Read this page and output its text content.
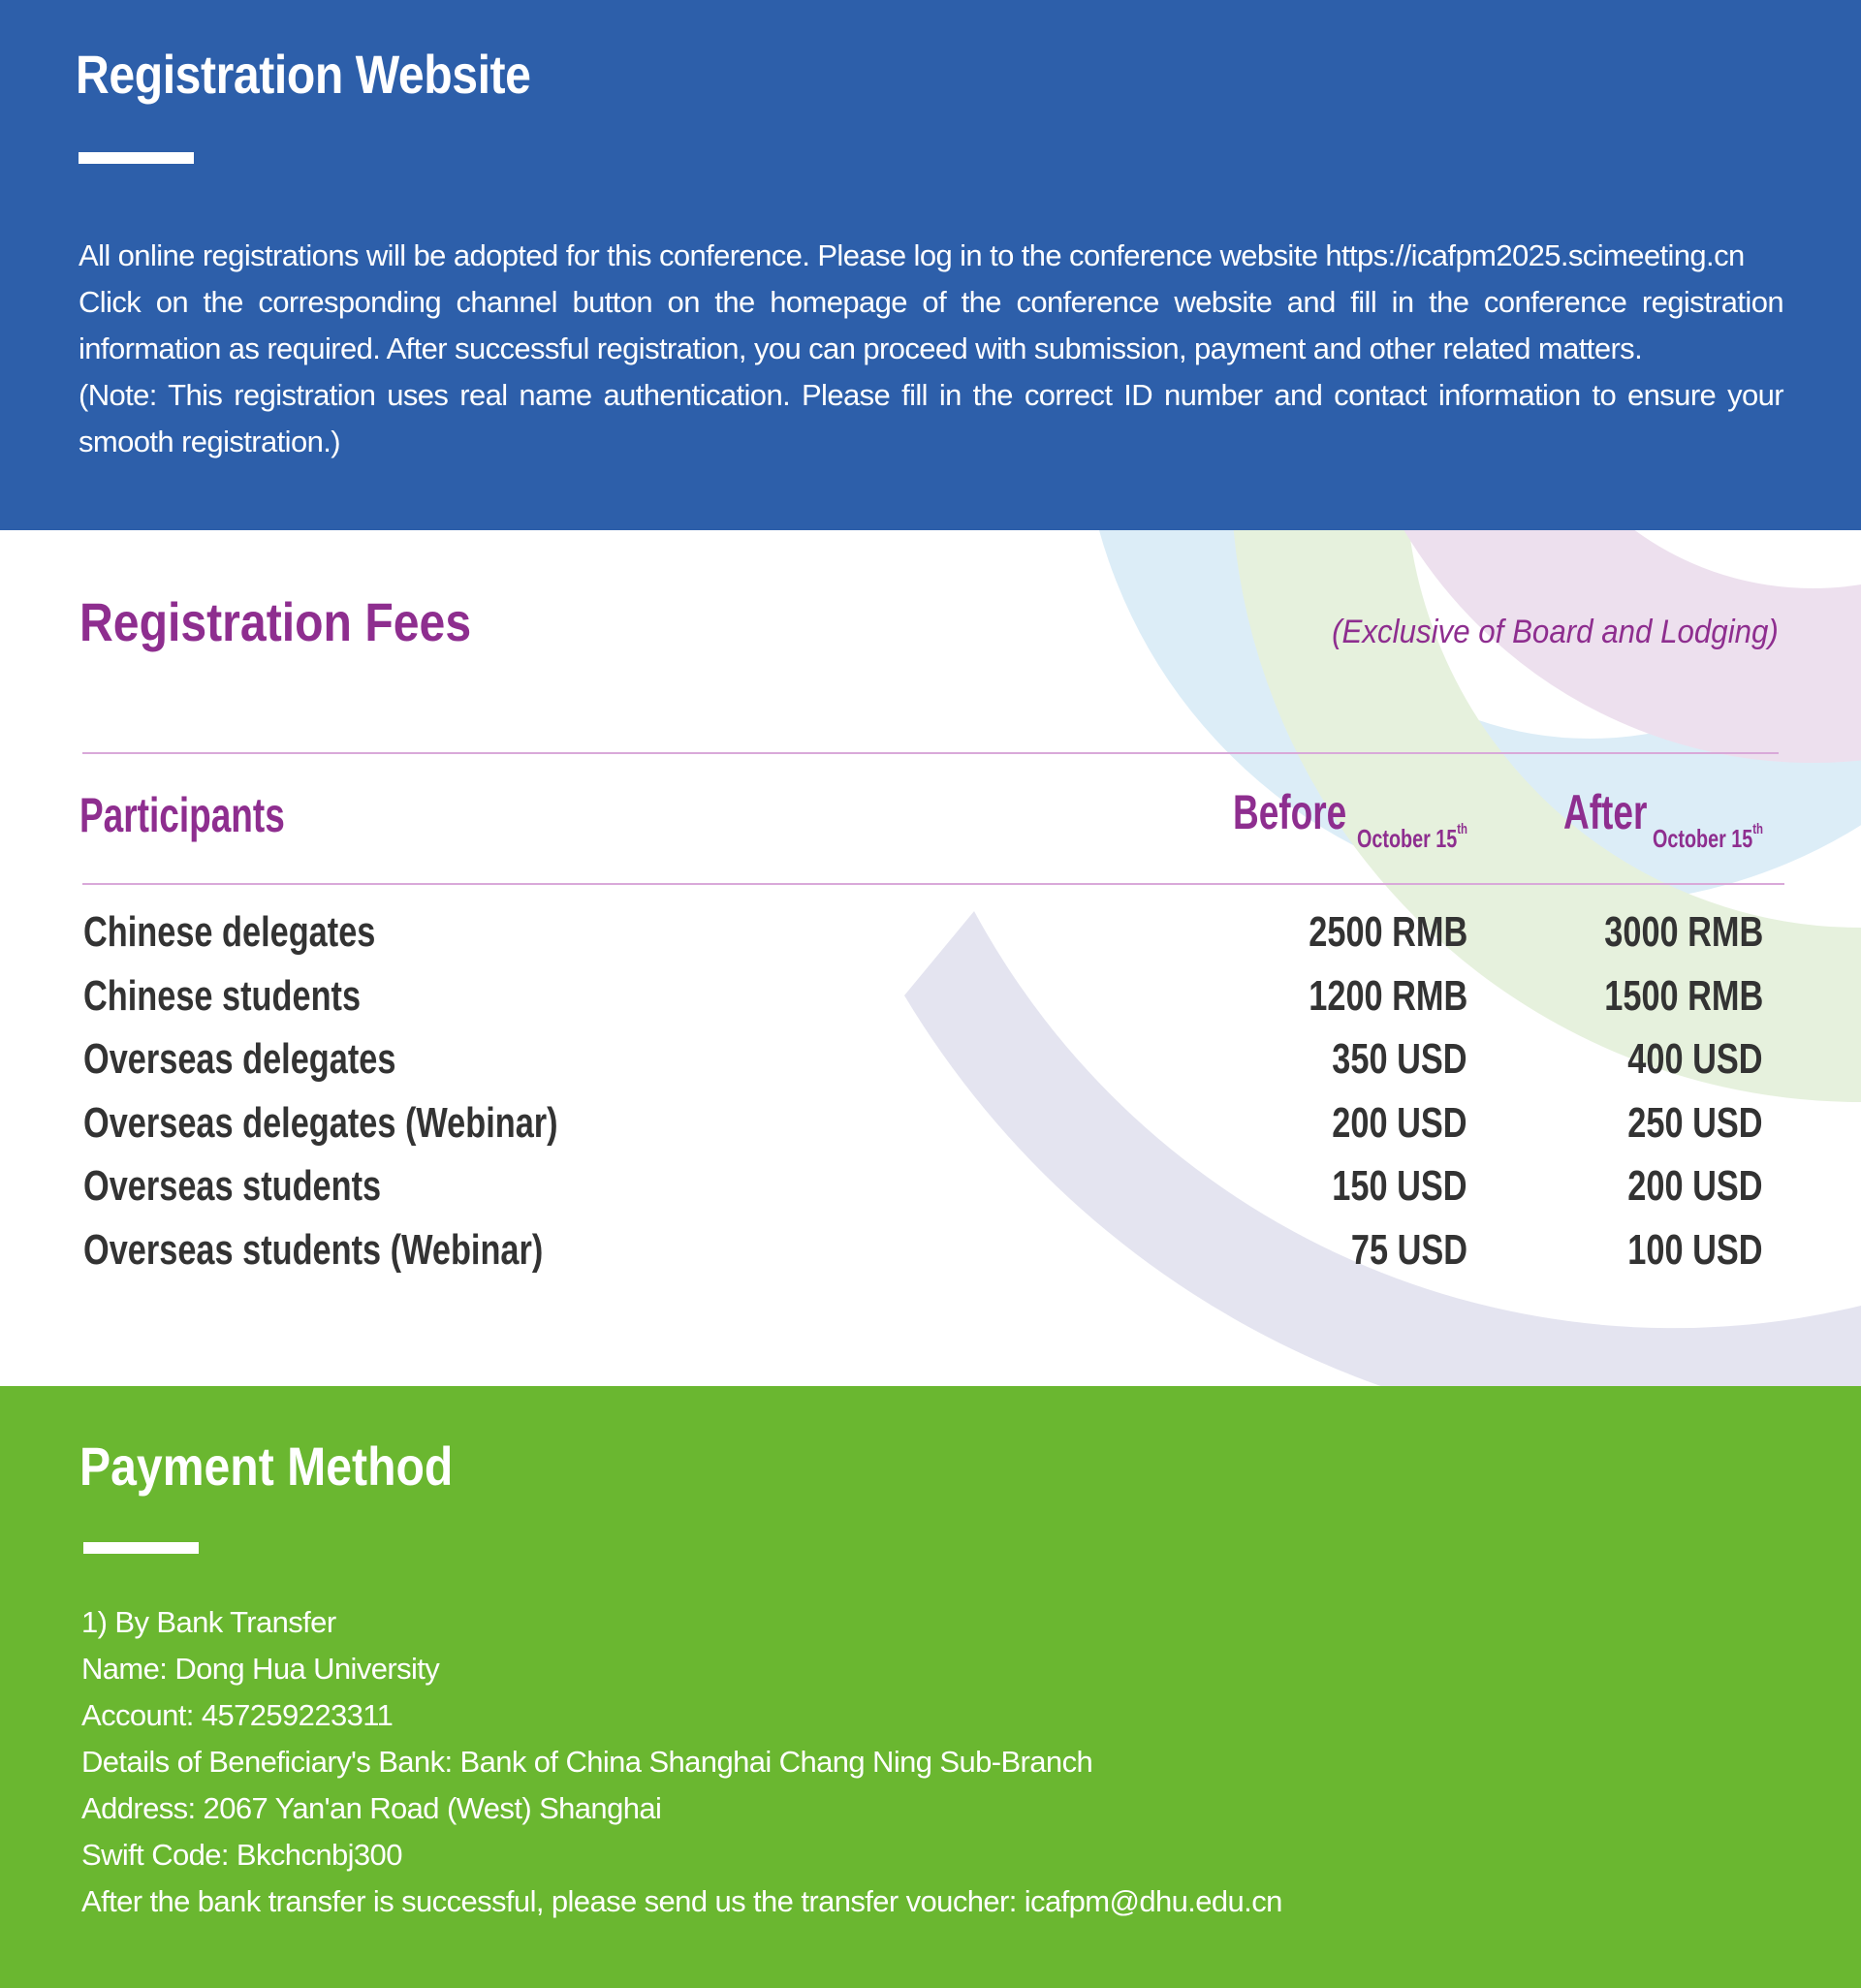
Registration Website

All online registrations will be adopted for this conference. Please log in to the conference website https://icafpm2025.scimeeting.cn

Click on the corresponding channel button on the homepage of the conference website and fill in the conference registration information as required. After successful registration, you can proceed with submission, payment and other related matters.

(Note: This registration uses real name authentication. Please fill in the correct ID number and contact information to ensure your smooth registration.)

Registration Fees	(Exclusive of Board and Lodging)
Participants	Before	After
October 15th	October 15th
Chinese delegates	2500 RMB	3000 RMB
Chinese students	1200 RMB	1500 RMB
Overseas delegates	350 USD	400 USD
Overseas delegates (Webinar)	200 USD	250 USD
Overseas students	150 USD	200 USD
Overseas students (Webinar)	75 USD	100 USD
Payment Method
1) By Bank Transfer
Name: Dong Hua University
Account: 457259223311
Details of Beneficiary's Bank: Bank of China Shanghai Chang Ning Sub-Branch
Address: 2067 Yan'an Road (West) Shanghai
Swift Code: Bkchcnbj300
After the bank transfer is successful, please send us the transfer voucher: icafpm@dhu.edu.cn
